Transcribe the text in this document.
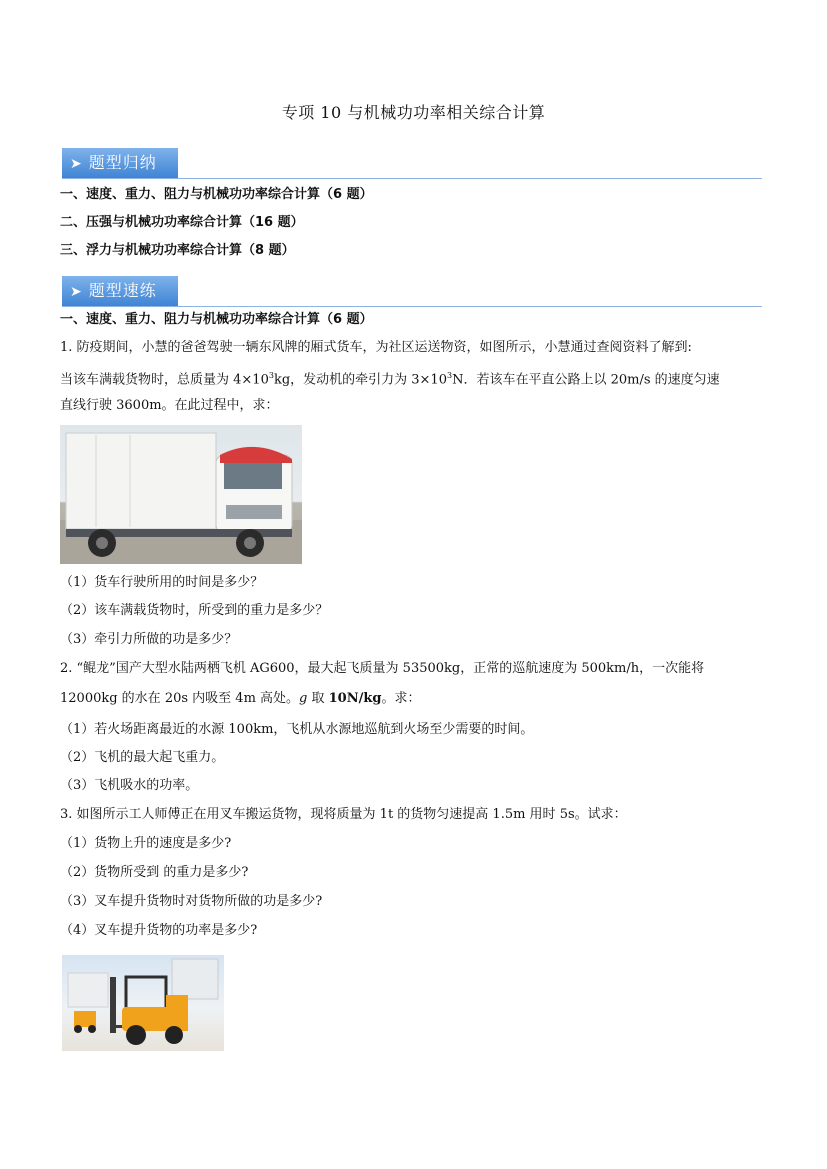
专项 10 与机械功功率相关综合计算
➤ 题型归纳
一、速度、重力、阻力与机械功功率综合计算（6 题）
二、压强与机械功功率综合计算（16 题）
三、浮力与机械功功率综合计算（8 题）
➤ 题型速练
一、速度、重力、阻力与机械功功率综合计算（6 题）
1. 防疫期间，小慧的爸爸驾驶一辆东风牌的厢式货车，为社区运送物资，如图所示，小慧通过查阅资料了解到:
当该车满载货物时，总质量为 $4\times 10^3kg$，发动机的牵引力为 $3\times 10^3N$．若该车在平直公路上以 20m/s 的速度匀速
直线行驶 3600m。在此过程中，求：
（1）货车行驶所用的时间是多少？
（2）该车满载货物时，所受到的重力是多少？
（3）牵引力所做的功是多少？
2. “鲲龙”国产大型水陆两栖飞机 AG600，最大起飞质量为 53500kg，正常的巡航速度为 500km/h，一次能将
12000kg 的水在 20s 内吸至 4m 高处。g 取 10N/kg。求：
（1）若火场距离最近的水源 100km，飞机从水源地巡航到火场至少需要的时间。
（2）飞机的最大起飞重力。
（3）飞机吸水的功率。
3. 如图所示工人师傅正在用叉车搬运货物，现将质量为 1t 的货物匀速提高 1.5m 用时 5s。试求：
（1）货物上升的速度是多少?
（2）货物所受到 的重力是多少?
（3）叉车提升货物时对货物所做的功是多少?
（4）叉车提升货物的功率是多少?
